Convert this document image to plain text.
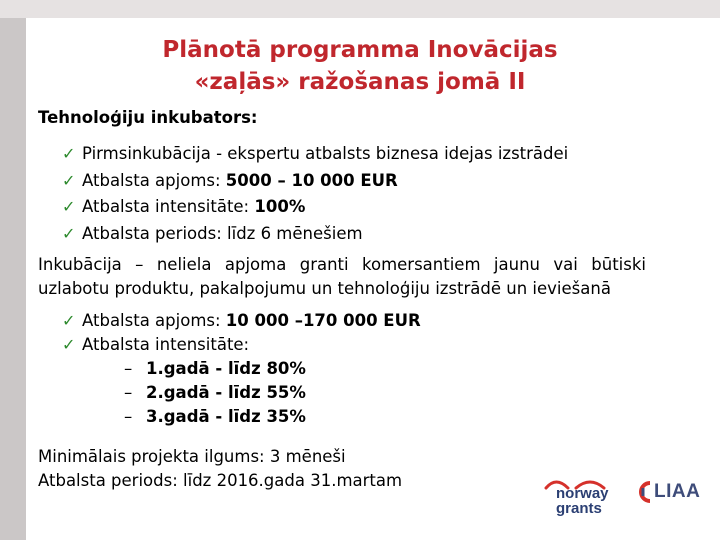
Plānotā programma Inovācijas
«zaļās» ražošanas jomā II
Tehnoloģiju inkubators:
✓ Pirmsinkubācija - ekspertu atbalsts biznesa idejas izstrādei
✓ Atbalsta apjoms: 5000 – 10 000 EUR
✓ Atbalsta intensitāte: 100%
✓ Atbalsta periods: līdz 6 mēnešiem
Inkubācija – neliela apjoma granti komersantiem jaunu vai būtiski uzlabotu produktu, pakalpojumu un tehnoloģiju izstrādē un ieviešanā
✓ Atbalsta apjoms: 10 000 –170 000 EUR
✓ Atbalsta intensitāte:
– 1.gadā - līdz 80%
– 2.gadā - līdz 55%
– 3.gadā - līdz 35%
Minimālais projekta ilgums: 3 mēneši
Atbalsta periods: līdz 2016.gada 31.martam
norway
grants
LIAA
